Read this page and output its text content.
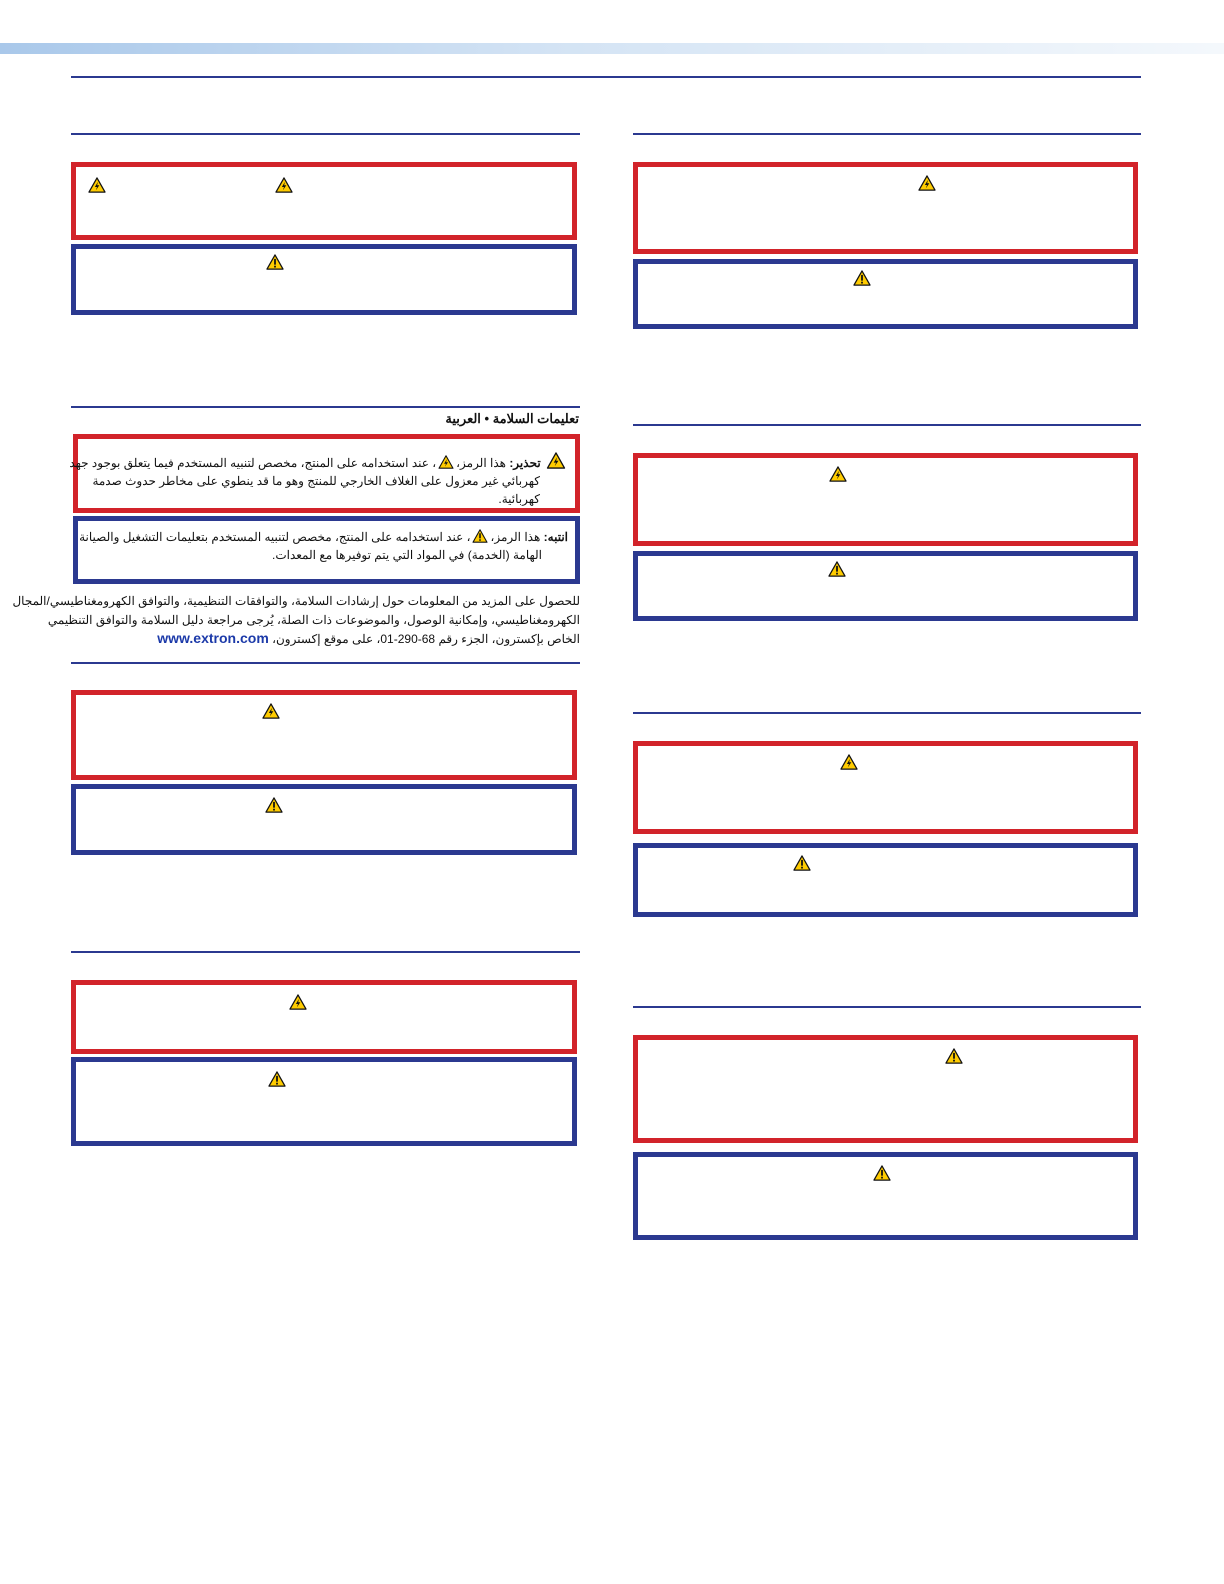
تعليمات السلامة • العربية
تحذير: هذا الرمز،
، عند استخدامه على المنتج، مخصص لتنبيه المستخدم فيما يتعلق بوجود جهد
كهربائي غير معزول على الغلاف الخارجي للمنتج وهو ما قد ينطوي على مخاطر حدوث صدمة
كهربائية.
انتبه: هذا الرمز،
، عند استخدامه على المنتج، مخصص لتنبيه المستخدم بتعليمات التشغيل والصيانة
الهامة (الخدمة) في المواد التي يتم توفيرها مع المعدات.
للحصول على المزيد من المعلومات حول إرشادات السلامة، والتوافقات التنظيمية، والتوافق الكهرومغناطيسي/المجال
الكهرومغناطيسي، وإمكانية الوصول، والموضوعات ذات الصلة، يُرجى مراجعة دليل السلامة والتوافق التنظيمي
الخاص بإكسترون، الجزء رقم 68-290-01، على موقع إكسترون، www.extron.com
